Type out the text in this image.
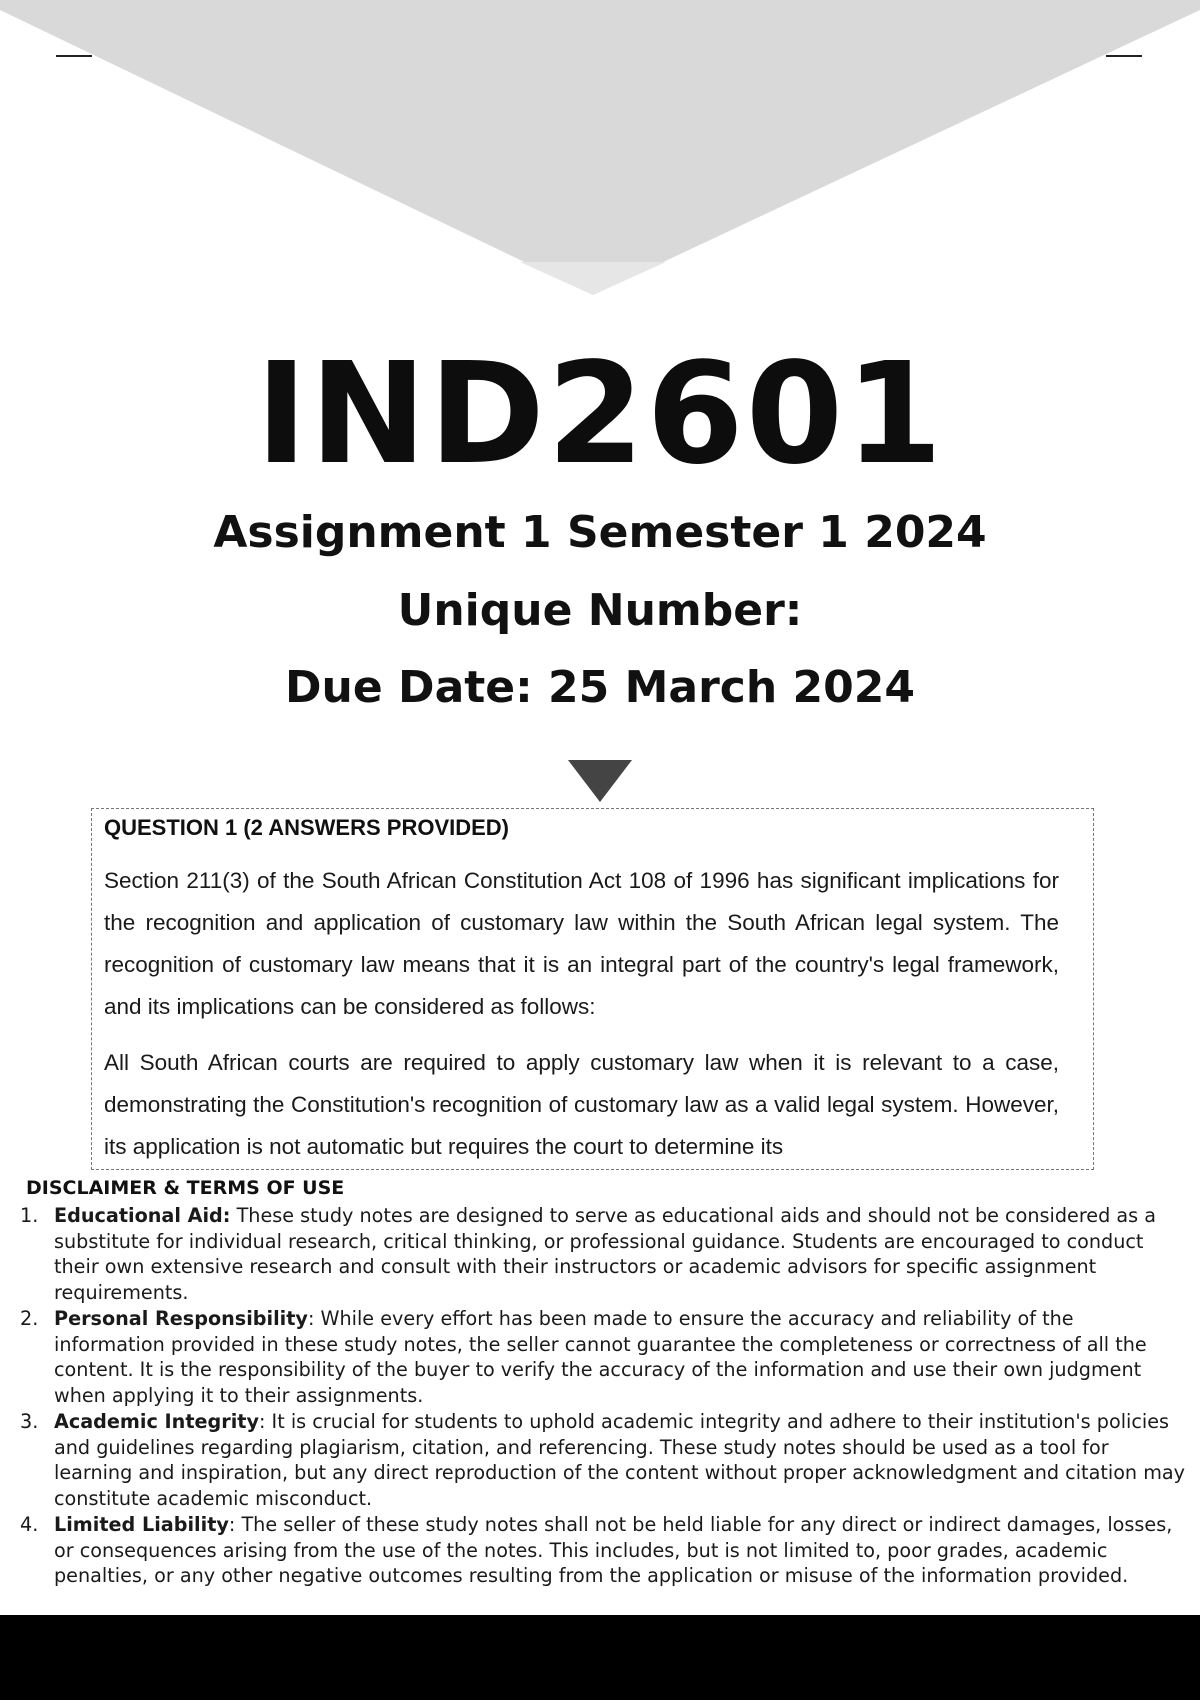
IND2601
Assignment 1 Semester 1 2024
Unique Number:
Due Date: 25 March 2024
QUESTION 1 (2 ANSWERS PROVIDED)

Section 211(3) of the South African Constitution Act 108 of 1996 has significant implications for the recognition and application of customary law within the South African legal system. The recognition of customary law means that it is an integral part of the country's legal framework, and its implications can be considered as follows:

All South African courts are required to apply customary law when it is relevant to a case, demonstrating the Constitution's recognition of customary law as a valid legal system. However, its application is not automatic but requires the court to determine its

DISCLAIMER & TERMS OF USE
1. Educational Aid: These study notes are designed to serve as educational aids and should not be considered as a substitute for individual research, critical thinking, or professional guidance. Students are encouraged to conduct their own extensive research and consult with their instructors or academic advisors for specific assignment requirements.
2. Personal Responsibility: While every effort has been made to ensure the accuracy and reliability of the information provided in these study notes, the seller cannot guarantee the completeness or correctness of all the content. It is the responsibility of the buyer to verify the accuracy of the information and use their own judgment when applying it to their assignments.
3. Academic Integrity: It is crucial for students to uphold academic integrity and adhere to their institution's policies and guidelines regarding plagiarism, citation, and referencing. These study notes should be used as a tool for learning and inspiration, but any direct reproduction of the content without proper acknowledgment and citation may constitute academic misconduct.
4. Limited Liability: The seller of these study notes shall not be held liable for any direct or indirect damages, losses, or consequences arising from the use of the notes. This includes, but is not limited to, poor grades, academic penalties, or any other negative outcomes resulting from the application or misuse of the information provided.
